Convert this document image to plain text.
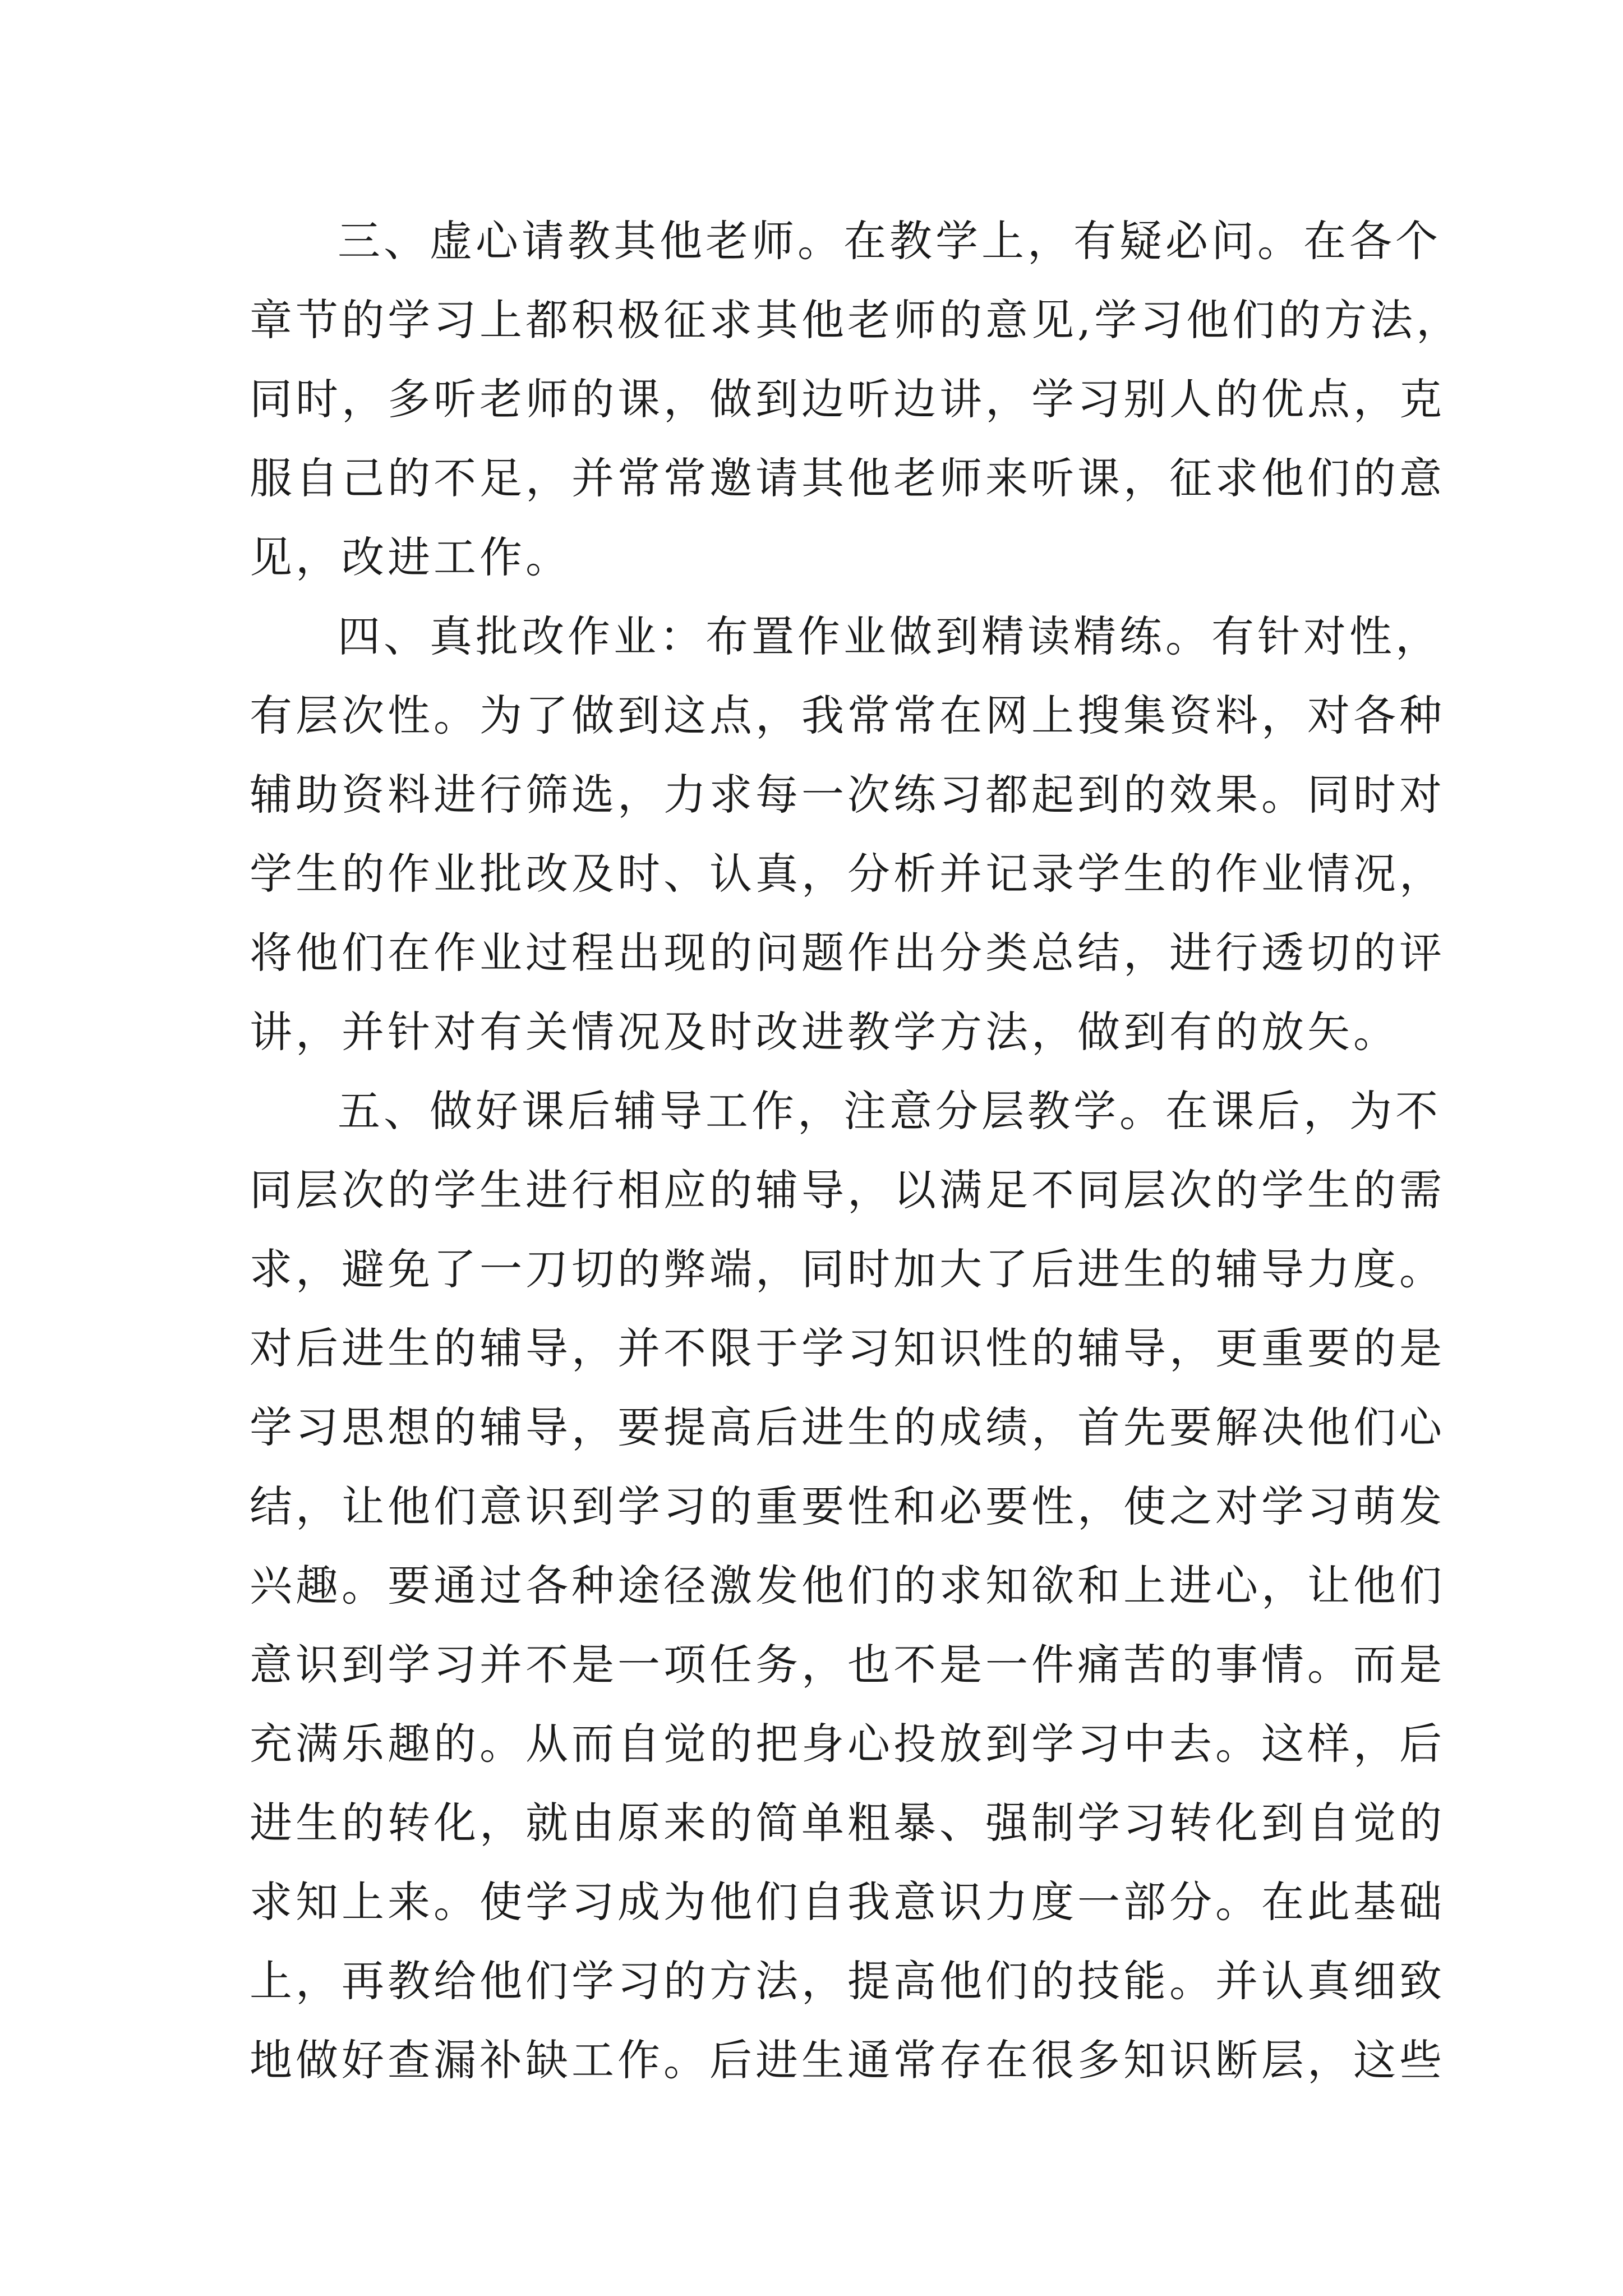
三、虚心请教其他老师。在教学上，有疑必问。在各个
章节的学习上都积极征求其他老师的意见,学习他们的方法，
同时，多听老师的课，做到边听边讲，学习别人的优点，克
服自己的不足，并常常邀请其他老师来听课，征求他们的意
见，改进工作。
四、真批改作业：布置作业做到精读精练。有针对性，
有层次性。为了做到这点，我常常在网上搜集资料，对各种
辅助资料进行筛选，力求每一次练习都起到的效果。同时对
学生的作业批改及时、认真，分析并记录学生的作业情况，
将他们在作业过程出现的问题作出分类总结，进行透切的评
讲，并针对有关情况及时改进教学方法，做到有的放矢。
五、做好课后辅导工作，注意分层教学。在课后，为不
同层次的学生进行相应的辅导，以满足不同层次的学生的需
求，避免了一刀切的弊端，同时加大了后进生的辅导力度。
对后进生的辅导，并不限于学习知识性的辅导，更重要的是
学习思想的辅导，要提高后进生的成绩，首先要解决他们心
结，让他们意识到学习的重要性和必要性，使之对学习萌发
兴趣。要通过各种途径激发他们的求知欲和上进心，让他们
意识到学习并不是一项任务，也不是一件痛苦的事情。而是
充满乐趣的。从而自觉的把身心投放到学习中去。这样，后
进生的转化，就由原来的简单粗暴、强制学习转化到自觉的
求知上来。使学习成为他们自我意识力度一部分。在此基础
上，再教给他们学习的方法，提高他们的技能。并认真细致
地做好查漏补缺工作。后进生通常存在很多知识断层，这些
